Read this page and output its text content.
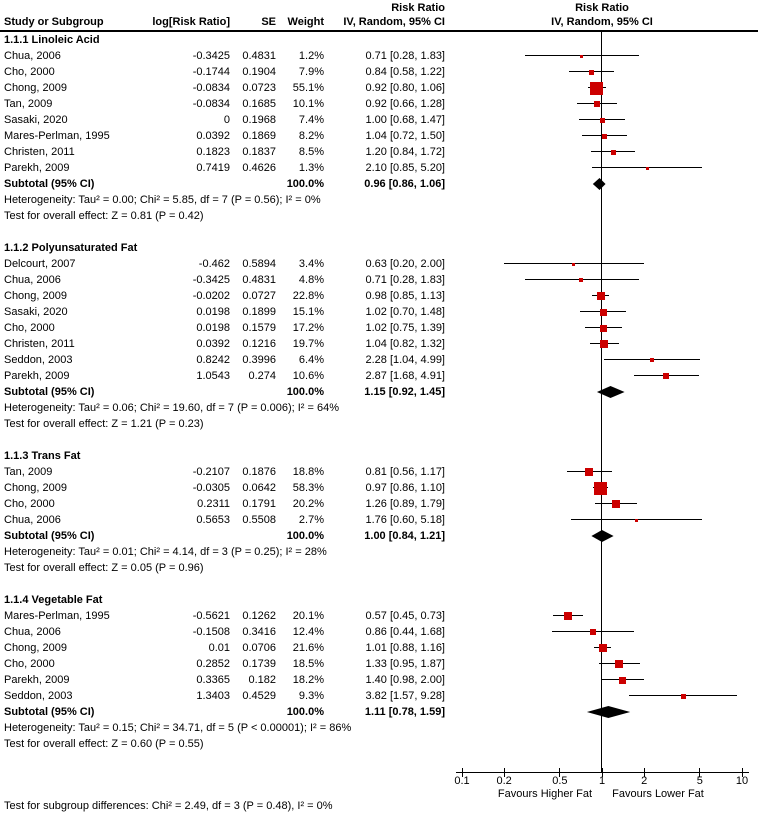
Risk Ratio
Study or Subgroup	log[Risk Ratio]	SE Weight IV, Random, 95% CI
Risk Ratio
IV, Random, 95% CI
1.1.1 Linoleic Acid
Chua, 2006	-0.3425 0.4831 1.2%	0.71 [0.28, 1.83]
Cho, 2000	-0.1744 0.1904 7.9%	0.84 [0.58, 1.22]
Chong, 2009	-0.0834 0.0723 55.1%	0.92 [0.80, 1.06]
Tan, 2009	-0.0834 0.1685 10.1%	0.92 [0.66, 1.28]
Sasaki, 2020	0 0.1968 7.4%	1.00 [0.68, 1.47]
Mares-Perlman, 1995	0.0392 0.1869 8.2%	1.04 [0.72, 1.50]
Christen, 2011	0.1823 0.1837 8.5%	1.20 [0.84, 1.72]
Parekh, 2009	0.7419 0.4626 1.3%	2.10 [0.85, 5.20]
Subtotal (95% CI)	100.0%	0.96 [0.86, 1.06]
Heterogeneity: Tau² = 0.00; Chi² = 5.85, df = 7 (P = 0.56); I² = 0%
Test for overall effect: Z = 0.81 (P = 0.42)
1.1.2 Polyunsaturated Fat
Delcourt, 2007	-0.462 0.5894 3.4%	0.63 [0.20, 2.00]
Chua, 2006	-0.3425 0.4831 4.8%	0.71 [0.28, 1.83]
Chong, 2009	-0.0202 0.0727 22.8%	0.98 [0.85, 1.13]
Sasaki, 2020	0.0198 0.1899 15.1%	1.02 [0.70, 1.48]
Cho, 2000	0.0198 0.1579 17.2%	1.02 [0.75, 1.39]
Christen, 2011	0.0392 0.1216 19.7%	1.04 [0.82, 1.32]
Seddon, 2003	0.8242 0.3996 6.4%	2.28 [1.04, 4.99]
Parekh, 2009	1.0543 0.274 10.6%	2.87 [1.68, 4.91]
Subtotal (95% CI)	100.0%	1.15 [0.92, 1.45]
Heterogeneity: Tau² = 0.06; Chi² = 19.60, df = 7 (P = 0.006); I² = 64%
Test for overall effect: Z = 1.21 (P = 0.23)
1.1.3 Trans Fat
Tan, 2009	-0.2107 0.1876 18.8%	0.81 [0.56, 1.17]
Chong, 2009	-0.0305 0.0642 58.3%	0.97 [0.86, 1.10]
Cho, 2000	0.2311 0.1791 20.2%	1.26 [0.89, 1.79]
Chua, 2006	0.5653 0.5508 2.7%	1.76 [0.60, 5.18]
Subtotal (95% CI)	100.0%	1.00 [0.84, 1.21]
Heterogeneity: Tau² = 0.01; Chi² = 4.14, df = 3 (P = 0.25); I² = 28%
Test for overall effect: Z = 0.05 (P = 0.96)
1.1.4 Vegetable Fat
Mares-Perlman, 1995	-0.5621 0.1262 20.1%	0.57 [0.45, 0.73]
Chua, 2006	-0.1508 0.3416 12.4%	0.86 [0.44, 1.68]
Chong, 2009	0.01 0.0706 21.6%	1.01 [0.88, 1.16]
Cho, 2000	0.2852 0.1739 18.5%	1.33 [0.95, 1.87]
Parekh, 2009	0.3365 0.182 18.2%	1.40 [0.98, 2.00]
Seddon, 2003	1.3403 0.4529 9.3%	3.82 [1.57, 9.28]
Subtotal (95% CI)	100.0%	1.11 [0.78, 1.59]
Heterogeneity: Tau² = 0.15; Chi² = 34.71, df = 5 (P < 0.00001); I² = 86%
Test for overall effect: Z = 0.60 (P = 0.55)
0.1 0.2	0.5	1	2	5	10
Favours Higher Fat Favours Lower Fat
Test for subgroup differences: Chi² = 2.49, df = 3 (P = 0.48), I² = 0%
